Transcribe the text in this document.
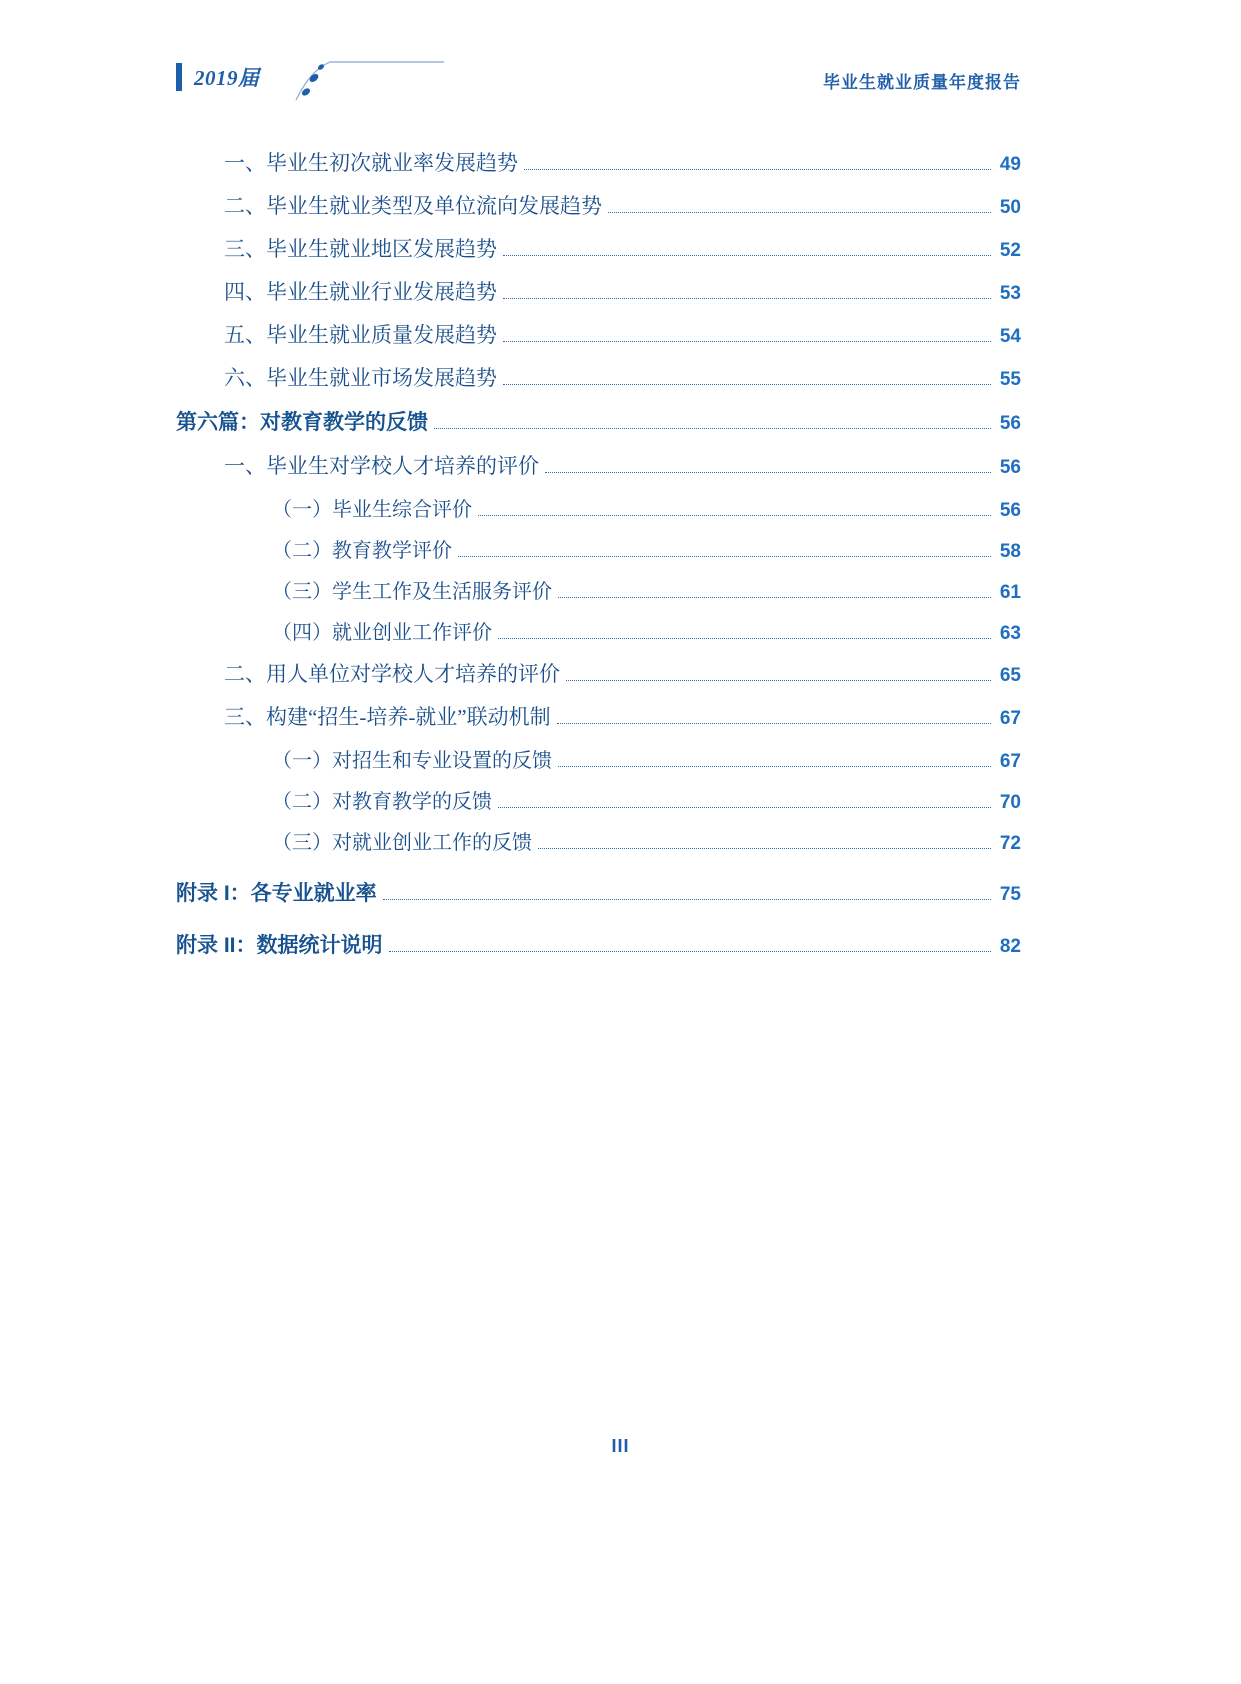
2019届	毕业生就业质量年度报告
一、毕业生初次就业率发展趋势	49
二、毕业生就业类型及单位流向发展趋势	50
三、毕业生就业地区发展趋势	52
四、毕业生就业行业发展趋势	53
五、毕业生就业质量发展趋势	54
六、毕业生就业市场发展趋势	55
第六篇：对教育教学的反馈	56
一、毕业生对学校人才培养的评价	56
（一）毕业生综合评价	56
（二）教育教学评价	58
（三）学生工作及生活服务评价	61
（四）就业创业工作评价	63
二、用人单位对学校人才培养的评价	65
三、构建“招生-培养-就业”联动机制	67
（一）对招生和专业设置的反馈	67
（二）对教育教学的反馈	70
（三）对就业创业工作的反馈	72
附录 I：各专业就业率	75
附录 II：数据统计说明	82
III
